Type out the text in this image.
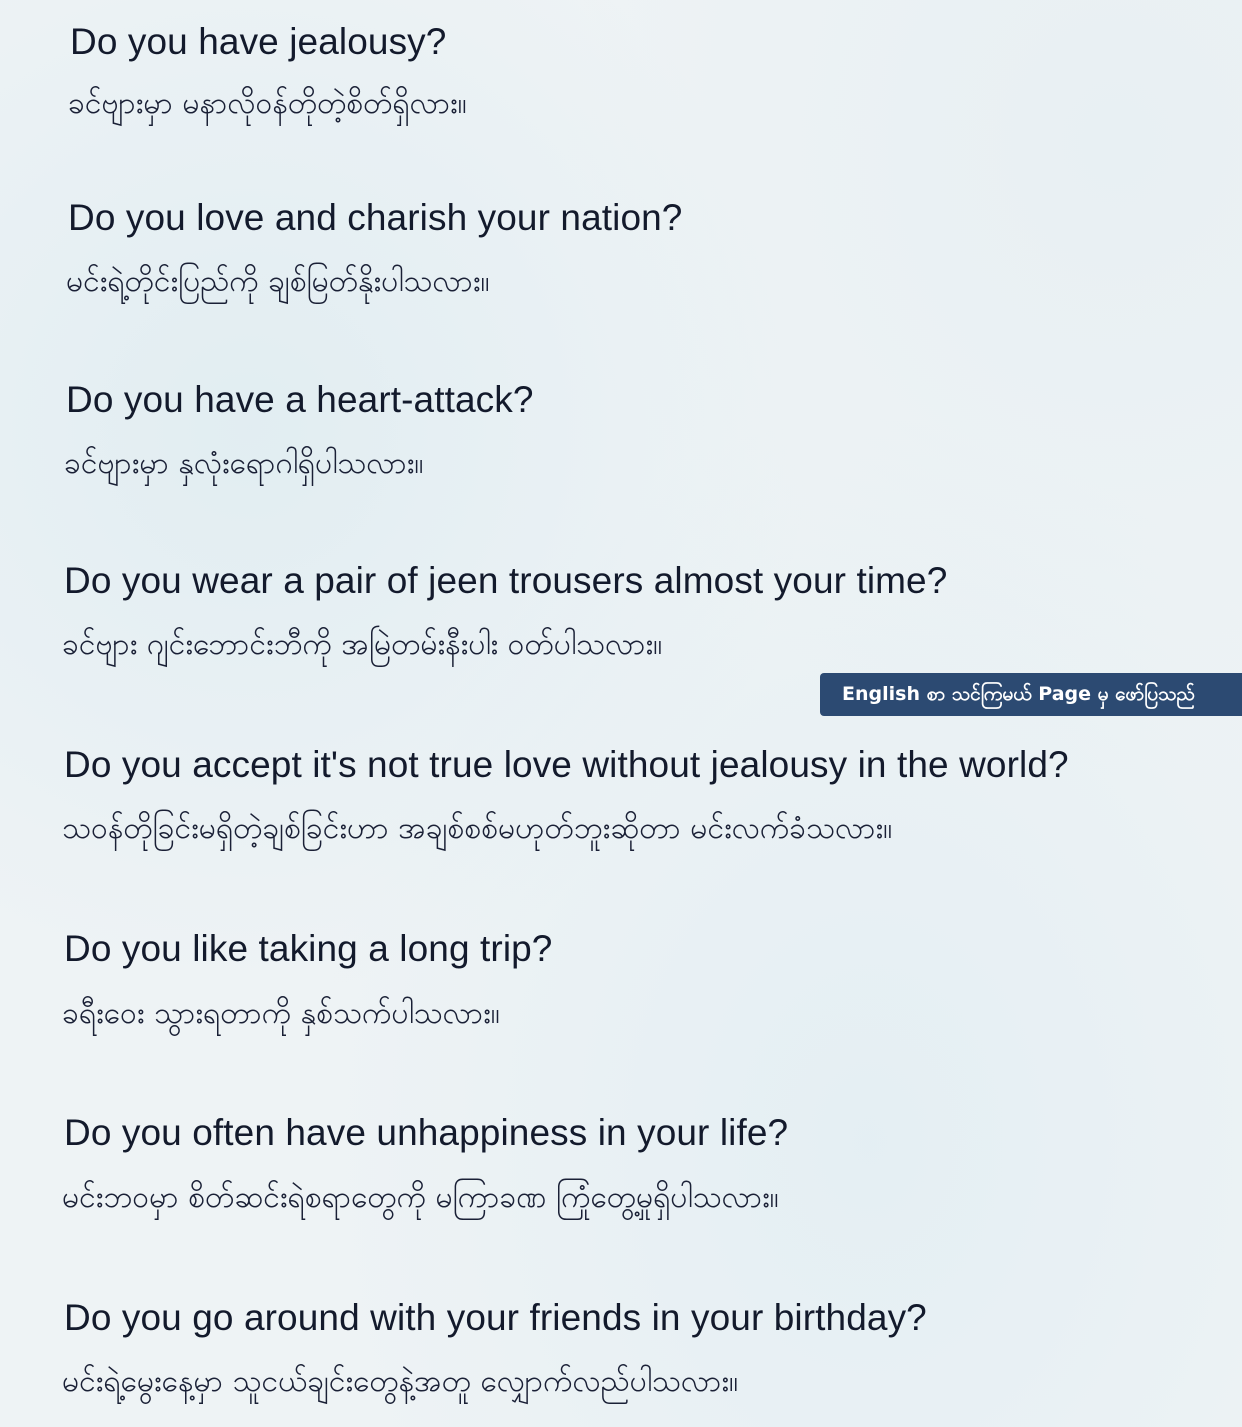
Do you have jealousy?
ခင်ဗျားမှာ မနာလိုဝန်တိုတဲ့စိတ်ရှိလား။
Do you love and charish your nation?
မင်းရဲ့တိုင်းပြည်ကို ချစ်မြတ်နိုးပါသလား။
Do you have a heart-attack?
ခင်ဗျားမှာ နှလုံးရောဂါရှိပါသလား။
Do you wear a pair of jeen trousers almost your time?
ခင်ဗျား ဂျင်းဘောင်းဘီကို အမြဲတမ်းနီးပါး ဝတ်ပါသလား။
Do you accept it's not true love without jealousy in the world?
သဝန်တိုခြင်းမရှိတဲ့ချစ်ခြင်းဟာ အချစ်စစ်မဟုတ်ဘူးဆိုတာ မင်းလက်ခံသလား။
Do you like taking a long trip?
ခရီးဝေး သွားရတာကို နှစ်သက်ပါသလား။
Do you often have unhappiness in your life?
မင်းဘဝမှာ စိတ်ဆင်းရဲစရာတွေကို မကြာခဏ ကြုံတွေ့မှုရှိပါသလား။
Do you go around with your friends in your birthday?
မင်းရဲ့မွေးနေ့မှာ သူငယ်ချင်းတွေနဲ့အတူ လျှောက်လည်ပါသလား။
English စာ သင်ကြမယ် Page မှ ဖော်ပြသည်
